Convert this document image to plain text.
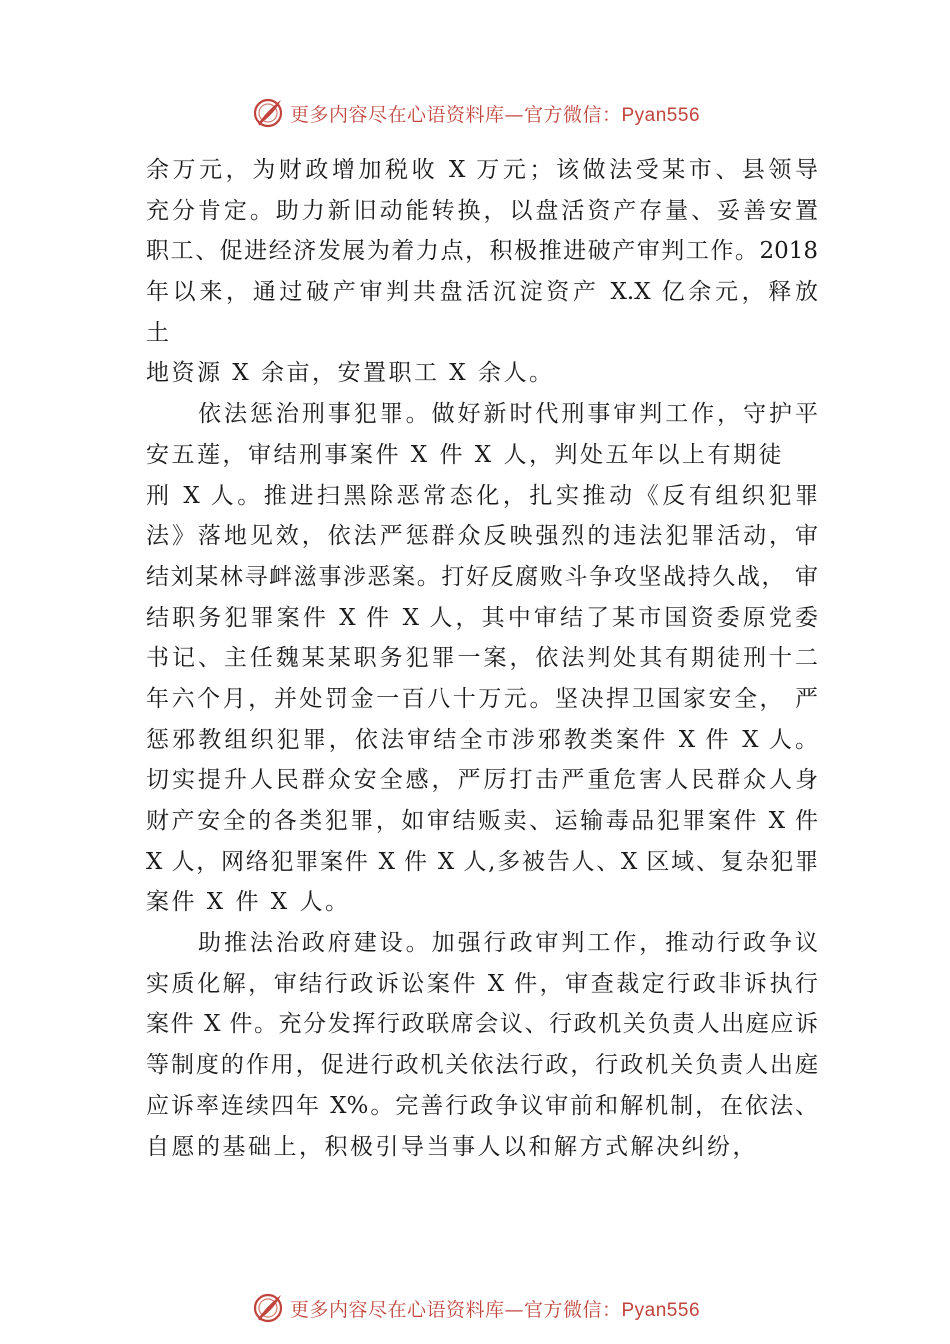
更多内容尽在心语资料库—官方微信：Pyan556
余万元，为财政增加税收 X 万元；该做法受某市、县领导
充分肯定。助力新旧动能转换，以盘活资产存量、妥善安置
职工、促进经济发展为着力点，积极推进破产审判工作。2018
年以来，通过破产审判共盘活沉淀资产 X.X 亿余元，释放
土
地资源 X 余亩，安置职工 X 余人。
依法惩治刑事犯罪。做好新时代刑事审判工作，守护平
安五莲，审结刑事案件 X 件 X 人，判处五年以上有期徒
刑 X 人。推进扫黑除恶常态化，扎实推动《反有组织犯罪
法》落地见效，依法严惩群众反映强烈的违法犯罪活动，审
结刘某林寻衅滋事涉恶案。打好反腐败斗争攻坚战持久战， 审
结职务犯罪案件 X 件 X 人，其中审结了某市国资委原党委
书记、主任魏某某职务犯罪一案，依法判处其有期徒刑十二
年六个月，并处罚金一百八十万元。坚决捍卫国家安全， 严
惩邪教组织犯罪，依法审结全市涉邪教类案件 X 件 X 人。
切实提升人民群众安全感，严厉打击严重危害人民群众人身
财产安全的各类犯罪，如审结贩卖、运输毒品犯罪案件 X 件
X 人，网络犯罪案件 X 件 X 人,多被告人、X 区域、复杂犯罪
案件 X 件 X 人。
助推法治政府建设。加强行政审判工作，推动行政争议
实质化解，审结行政诉讼案件 X 件，审查裁定行政非诉执行
案件 X 件。充分发挥行政联席会议、行政机关负责人出庭应诉
等制度的作用，促进行政机关依法行政，行政机关负责人出庭
应诉率连续四年 X%。完善行政争议审前和解机制，在依法、
自愿的基础上，积极引导当事人以和解方式解决纠纷，
更多内容尽在心语资料库—官方微信：Pyan556
